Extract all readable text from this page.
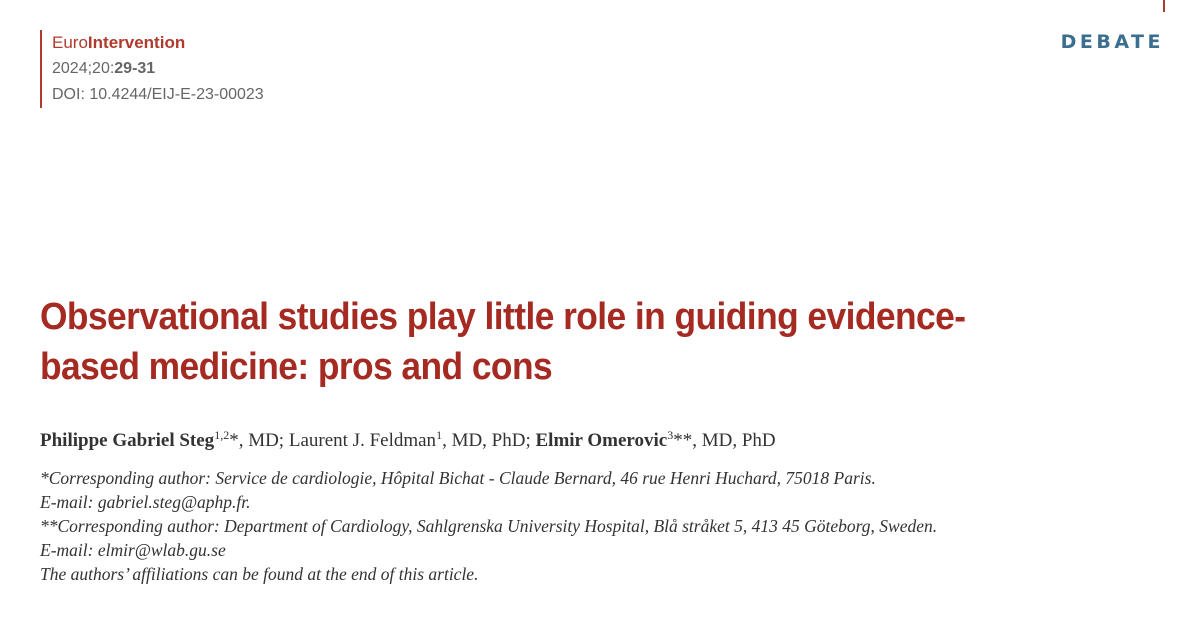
EuroIntervention
2024;20:29-31
DOI: 10.4244/EIJ-E-23-00023
DEBATE
Observational studies play little role in guiding evidence-based medicine: pros and cons
Philippe Gabriel Steg$^{1,2}$*, MD; Laurent J. Feldman$^1$, MD, PhD; Elmir Omerovic$^3$**, MD, PhD
*Corresponding author: Service de cardiologie, Hôpital Bichat - Claude Bernard, 46 rue Henri Huchard, 75018 Paris.
E-mail: gabriel.steg@aphp.fr.
**Corresponding author: Department of Cardiology, Sahlgrenska University Hospital, Blå stråket 5, 413 45 Göteborg, Sweden.
E-mail: elmir@wlab.gu.se
The authors’ affiliations can be found at the end of this article.
